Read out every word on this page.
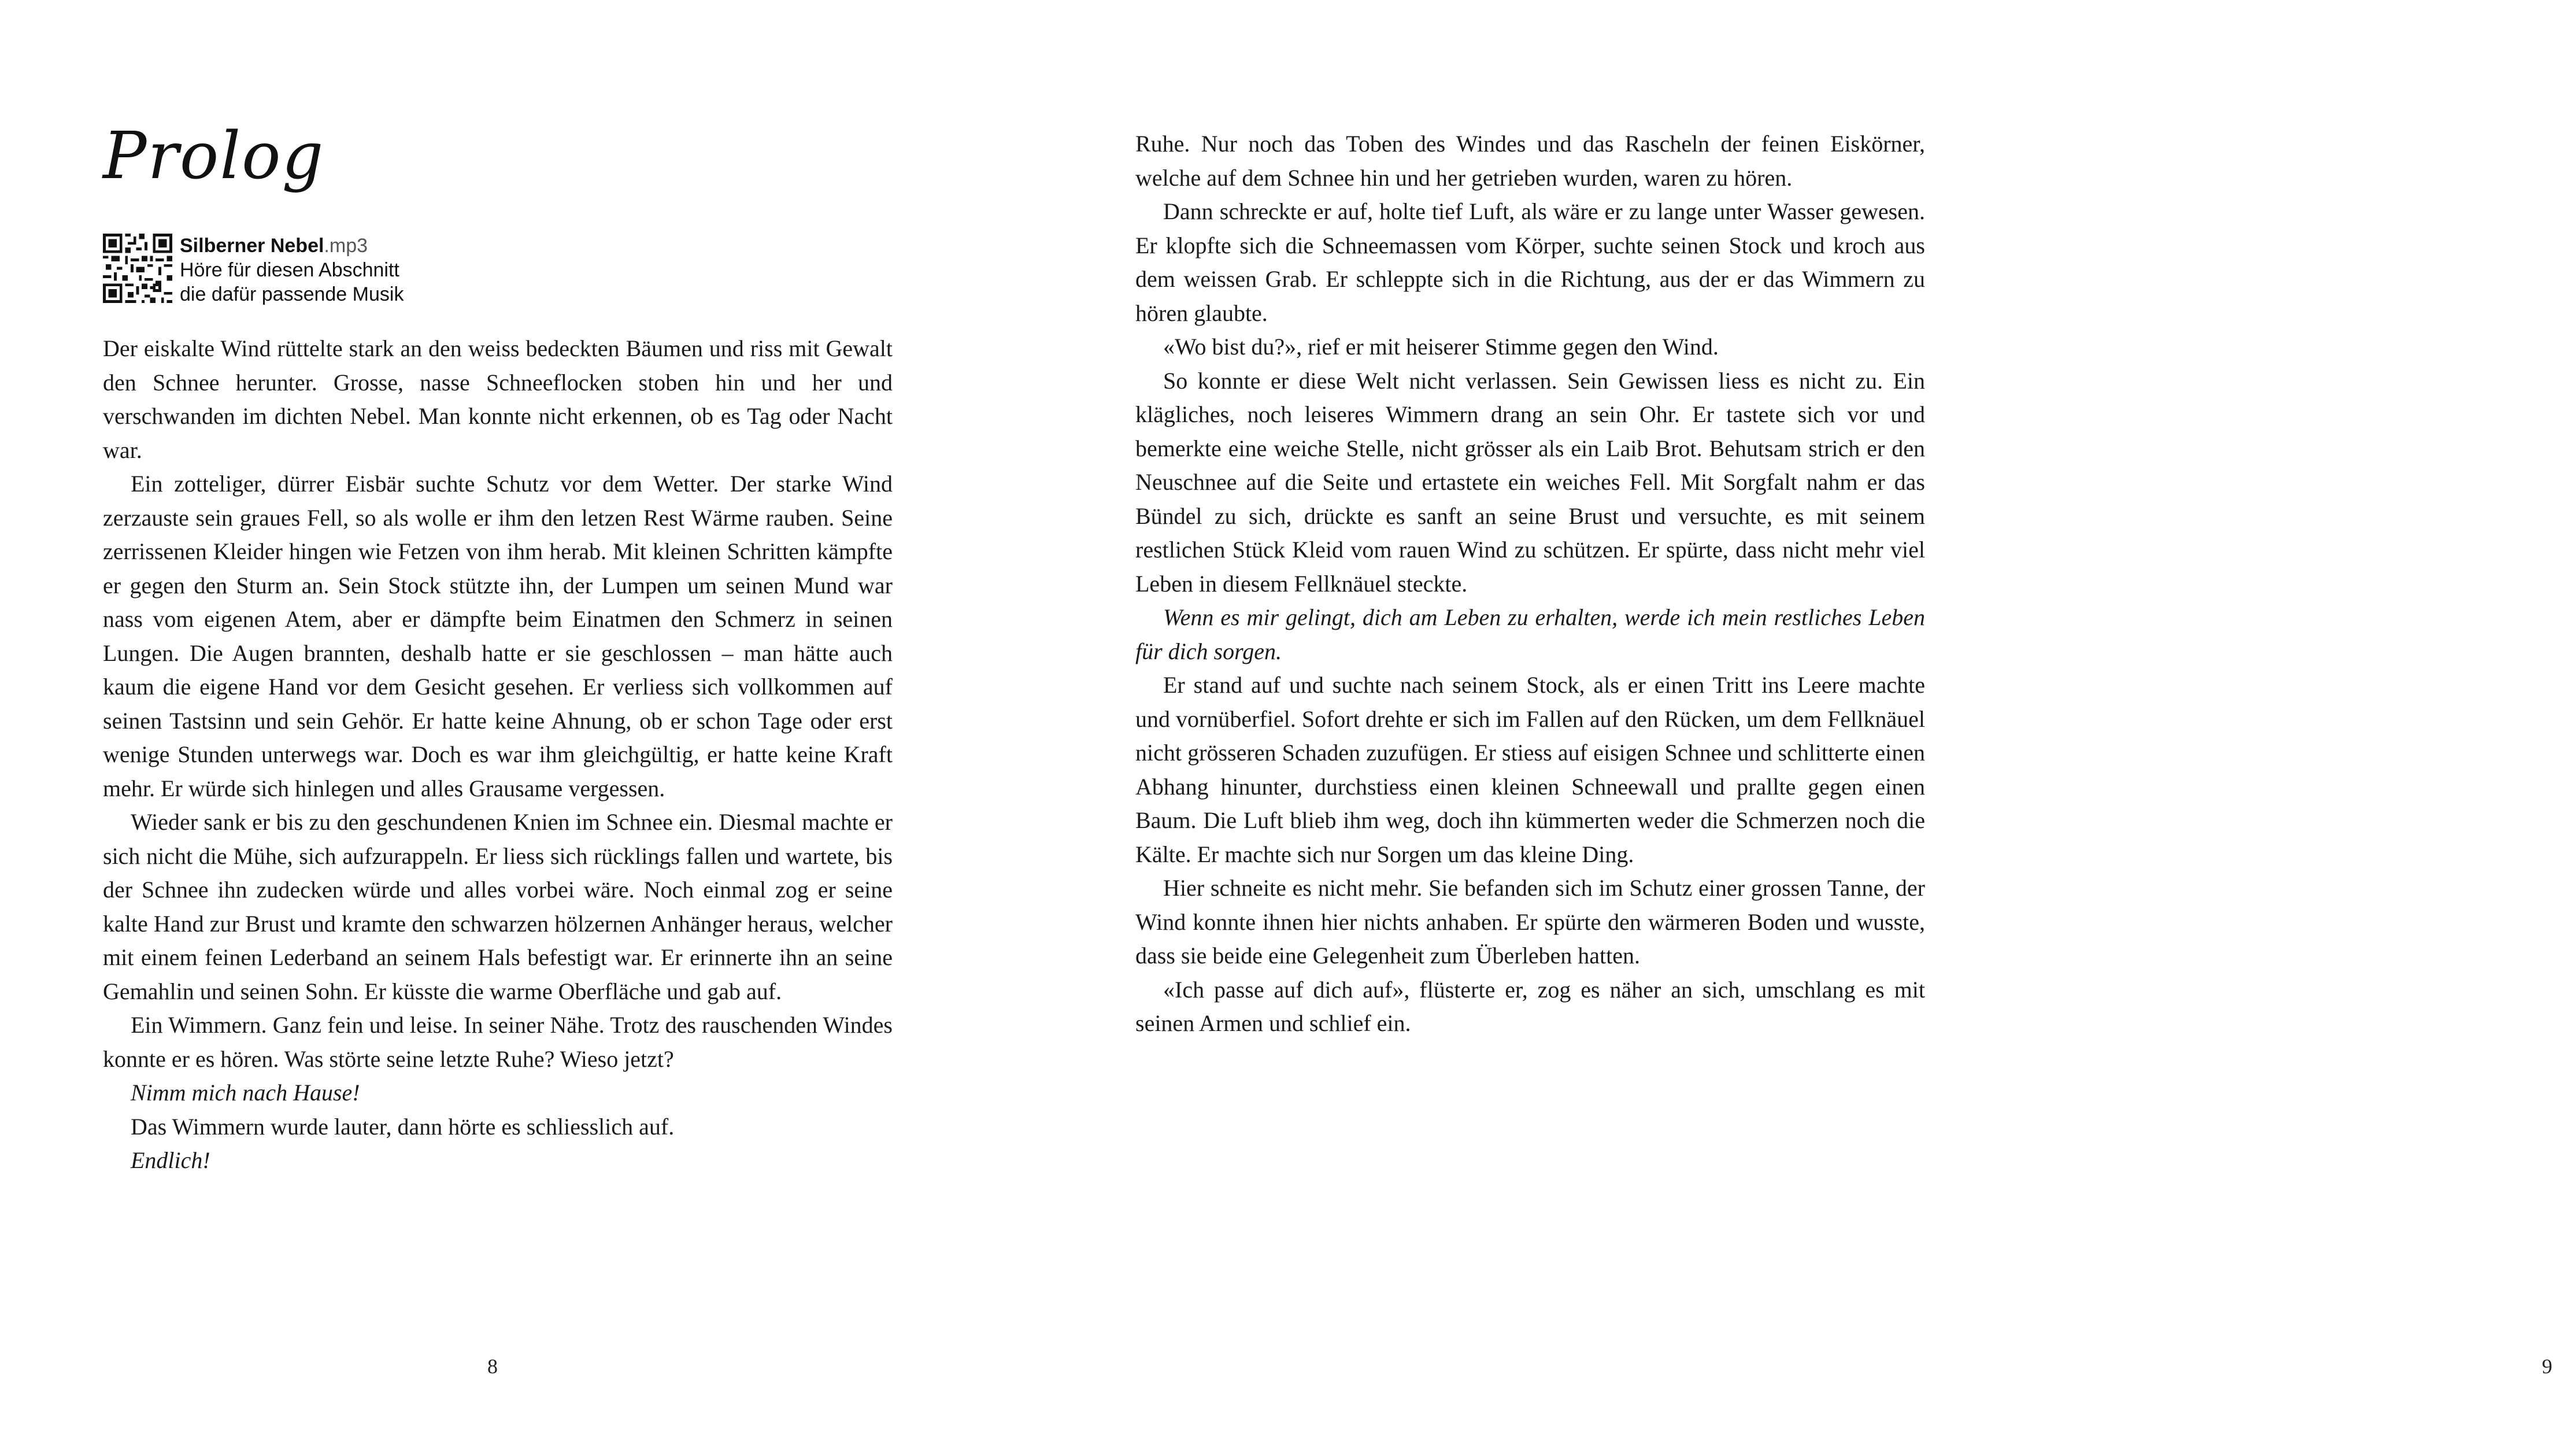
Prolog
Silberner Nebel.mp3
Höre für diesen Abschnitt
die dafür passende Musik

Der eiskalte Wind rüttelte stark an den weiss bedeckten Bäumen und riss mit Gewalt den Schnee herunter. Grosse, nasse Schneeflocken stoben hin und her und verschwanden im dichten Nebel. Man konnte nicht erkennen, ob es Tag oder Nacht war.

Ein zotteliger, dürrer Eisbär suchte Schutz vor dem Wetter. Der starke Wind zerzauste sein graues Fell, so als wolle er ihm den letzen Rest Wärme rauben. Seine zerrissenen Kleider hingen wie Fetzen von ihm herab. Mit kleinen Schritten kämpfte er gegen den Sturm an. Sein Stock stützte ihn, der Lumpen um seinen Mund war nass vom eigenen Atem, aber er dämpfte beim Einatmen den Schmerz in seinen Lungen. Die Augen brannten, deshalb hatte er sie geschlossen – man hätte auch kaum die eigene Hand vor dem Gesicht gesehen. Er verliess sich vollkommen auf seinen Tastsinn und sein Gehör. Er hatte keine Ahnung, ob er schon Tage oder erst wenige Stunden unterwegs war. Doch es war ihm gleichgültig, er hatte keine Kraft mehr. Er würde sich hinlegen und alles Grausame vergessen.

Wieder sank er bis zu den geschundenen Knien im Schnee ein. Diesmal machte er sich nicht die Mühe, sich aufzurappeln. Er liess sich rücklings fallen und wartete, bis der Schnee ihn zudecken würde und alles vorbei wäre. Noch einmal zog er seine kalte Hand zur Brust und kramte den schwarzen hölzernen Anhänger heraus, welcher mit einem feinen Lederband an seinem Hals befestigt war. Er erinnerte ihn an seine Gemahlin und seinen Sohn. Er küsste die warme Oberfläche und gab auf.

Ein Wimmern. Ganz fein und leise. In seiner Nähe. Trotz des rauschenden Windes konnte er es hören. Was störte seine letzte Ruhe? Wieso jetzt?

Nimm mich nach Hause!

Das Wimmern wurde lauter, dann hörte es schliesslich auf.

Endlich!

8	9

Ruhe. Nur noch das Toben des Windes und das Rascheln der feinen Eiskörner, welche auf dem Schnee hin und her getrieben wurden, waren zu hören.

Dann schreckte er auf, holte tief Luft, als wäre er zu lange unter Wasser gewesen. Er klopfte sich die Schneemassen vom Körper, suchte seinen Stock und kroch aus dem weissen Grab. Er schleppte sich in die Richtung, aus der er das Wimmern zu hören glaubte.

«Wo bist du?», rief er mit heiserer Stimme gegen den Wind.

So konnte er diese Welt nicht verlassen. Sein Gewissen liess es nicht zu. Ein klägliches, noch leiseres Wimmern drang an sein Ohr. Er tastete sich vor und bemerkte eine weiche Stelle, nicht grösser als ein Laib Brot. Behutsam strich er den Neuschnee auf die Seite und ertastete ein weiches Fell. Mit Sorgfalt nahm er das Bündel zu sich, drückte es sanft an seine Brust und versuchte, es mit seinem restlichen Stück Kleid vom rauen Wind zu schützen. Er spürte, dass nicht mehr viel Leben in diesem Fellknäuel steckte.

Wenn es mir gelingt, dich am Leben zu erhalten, werde ich mein restliches Leben für dich sorgen.

Er stand auf und suchte nach seinem Stock, als er einen Tritt ins Leere machte und vornüberfiel. Sofort drehte er sich im Fallen auf den Rücken, um dem Fellknäuel nicht grösseren Schaden zuzufügen. Er stiess auf eisigen Schnee und schlitterte einen Abhang hinunter, durchstiess einen kleinen Schneewall und prallte gegen einen Baum. Die Luft blieb ihm weg, doch ihn kümmerten weder die Schmerzen noch die Kälte. Er machte sich nur Sorgen um das kleine Ding.

Hier schneite es nicht mehr. Sie befanden sich im Schutz einer grossen Tanne, der Wind konnte ihnen hier nichts anhaben. Er spürte den wärmeren Boden und wusste, dass sie beide eine Gelegenheit zum Überleben hatten.

«Ich passe auf dich auf», flüsterte er, zog es näher an sich, umschlang es mit seinen Armen und schlief ein.
